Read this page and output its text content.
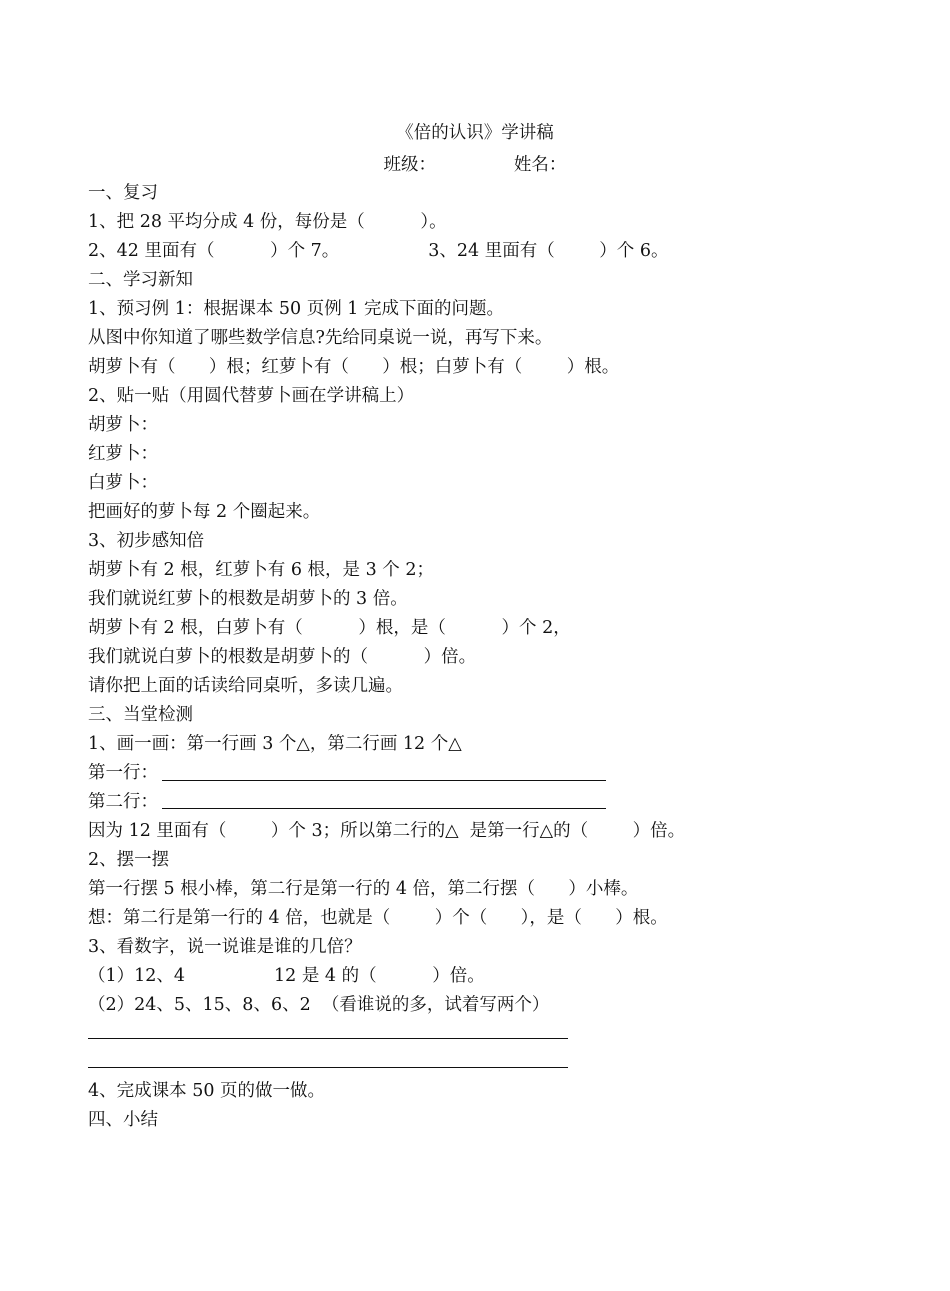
《倍的认识》学讲稿
班级：              姓名：
一、复习
1、把 28 平均分成 4 份，每份是（          ）。
2、42 里面有（          ）个 7。                3、24 里面有（        ）个 6。
二、学习新知
1、预习例 1：根据课本 50 页例 1 完成下面的问题。
从图中你知道了哪些数学信息?先给同桌说一说，再写下来。
胡萝卜有（      ）根；红萝卜有（      ）根；白萝卜有（        ）根。
2、贴一贴（用圆代替萝卜画在学讲稿上）
胡萝卜：
红萝卜：
白萝卜：
把画好的萝卜每 2 个圈起来。
3、初步感知倍
胡萝卜有 2 根，红萝卜有 6 根，是 3 个 2；
我们就说红萝卜的根数是胡萝卜的 3 倍。
胡萝卜有 2 根，白萝卜有（          ）根，是（          ）个 2，
我们就说白萝卜的根数是胡萝卜的（          ）倍。
请你把上面的话读给同桌听，多读几遍。
三、当堂检测
1、画一画：第一行画 3 个△，第二行画 12 个△
第一行：
第二行：
因为 12 里面有（        ）个 3；所以第二行的△  是第一行△的（        ）倍。
2、摆一摆
第一行摆 5 根小棒，第二行是第一行的 4 倍，第二行摆（      ）小棒。
想：第二行是第一行的 4 倍，也就是（        ）个（      ），是（      ）根。
3、看数字，说一说谁是谁的几倍？
（1）12、4                12 是 4 的（          ）倍。
（2）24、5、15、8、6、2  （看谁说的多，试着写两个）
4、完成课本 50 页的做一做。
四、小结
